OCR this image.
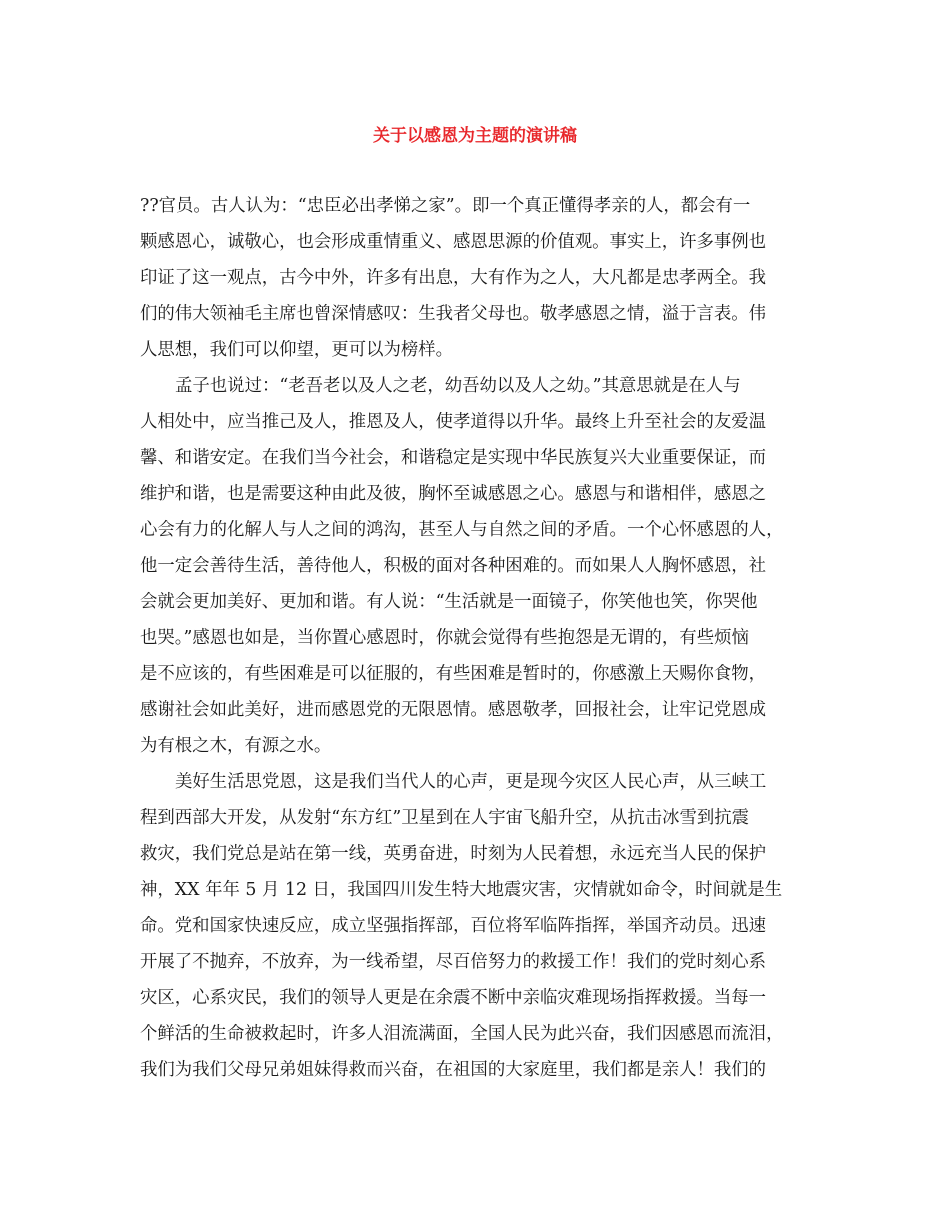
关于以感恩为主题的演讲稿
??官员。古人认为：“忠臣必出孝悌之家”。即一个真正懂得孝亲的人，都会有一
颗感恩心，诚敬心，也会形成重情重义、感恩思源的价值观。事实上，许多事例也
印证了这一观点，古今中外，许多有出息，大有作为之人，大凡都是忠孝两全。我
们的伟大领袖毛主席也曾深情感叹：生我者父母也。敬孝感恩之情，溢于言表。伟
人思想，我们可以仰望，更可以为榜样。
孟子也说过：“老吾老以及人之老，幼吾幼以及人之幼。”其意思就是在人与
人相处中，应当推己及人，推恩及人，使孝道得以升华。最终上升至社会的友爱温
馨、和谐安定。在我们当今社会，和谐稳定是实现中华民族复兴大业重要保证，而
维护和谐，也是需要这种由此及彼，胸怀至诚感恩之心。感恩与和谐相伴，感恩之
心会有力的化解人与人之间的鸿沟，甚至人与自然之间的矛盾。一个心怀感恩的人，
他一定会善待生活，善待他人，积极的面对各种困难的。而如果人人胸怀感恩，社
会就会更加美好、更加和谐。有人说：“生活就是一面镜子，你笑他也笑，你哭他
也哭。”感恩也如是，当你置心感恩时，你就会觉得有些抱怨是无谓的，有些烦恼
是不应该的，有些困难是可以征服的，有些困难是暂时的，你感激上天赐你食物，
感谢社会如此美好，进而感恩党的无限恩情。感恩敬孝，回报社会，让牢记党恩成
为有根之木，有源之水。
美好生活思党恩，这是我们当代人的心声，更是现今灾区人民心声，从三峡工
程到西部大开发，从发射“东方红”卫星到在人宇宙飞船升空，从抗击冰雪到抗震
救灾，我们党总是站在第一线，英勇奋进，时刻为人民着想，永远充当人民的保护
神，XX 年年 5 月 12 日，我国四川发生特大地震灾害，灾情就如命令，时间就是生
命。党和国家快速反应，成立坚强指挥部，百位将军临阵指挥，举国齐动员。迅速
开展了不抛弃，不放弃，为一线希望，尽百倍努力的救援工作！我们的党时刻心系
灾区，心系灾民，我们的领导人更是在余震不断中亲临灾难现场指挥救援。当每一
个鲜活的生命被救起时，许多人泪流满面，全国人民为此兴奋，我们因感恩而流泪，
我们为我们父母兄弟姐妹得救而兴奋，在祖国的大家庭里，我们都是亲人！我们的
